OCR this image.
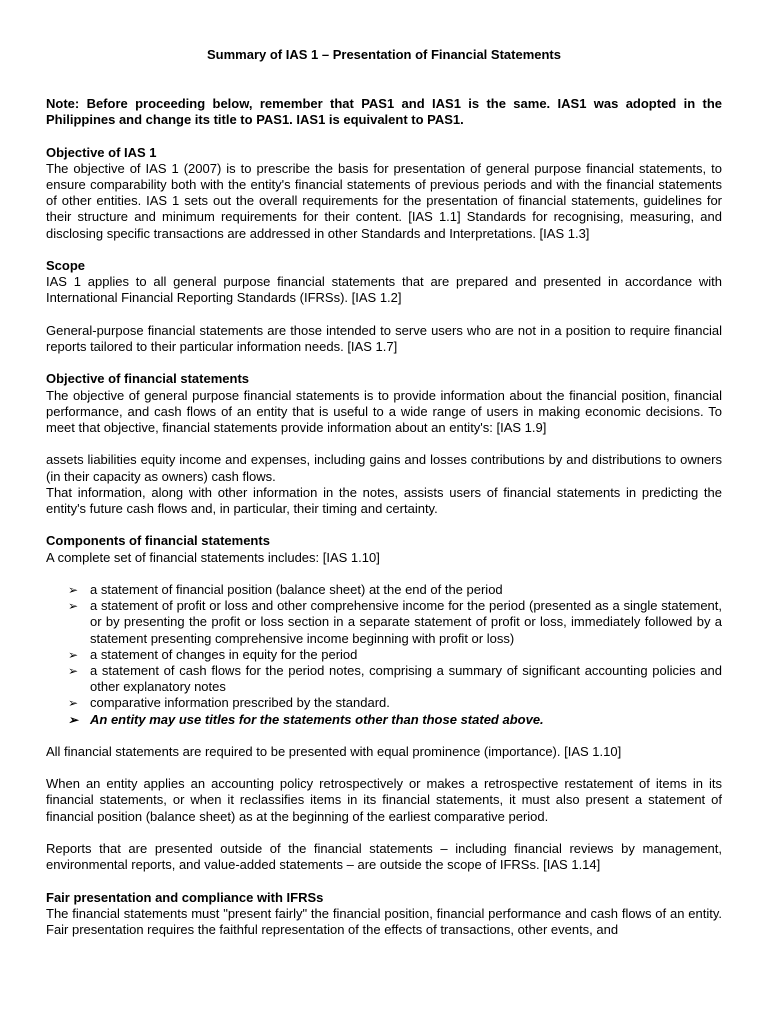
Summary of IAS 1 – Presentation of Financial Statements

Note: Before proceeding below, remember that PAS1 and IAS1 is the same. IAS1 was adopted in the Philippines and change its title to PAS1. IAS1 is equivalent to PAS1.

Objective of IAS 1

The objective of IAS 1 (2007) is to prescribe the basis for presentation of general purpose financial statements, to ensure comparability both with the entity's financial statements of previous periods and with the financial statements of other entities. IAS 1 sets out the overall requirements for the presentation of financial statements, guidelines for their structure and minimum requirements for their content. [IAS 1.1] Standards for recognising, measuring, and disclosing specific transactions are addressed in other Standards and Interpretations. [IAS 1.3]

Scope

IAS 1 applies to all general purpose financial statements that are prepared and presented in accordance with International Financial Reporting Standards (IFRSs). [IAS 1.2]

General-purpose financial statements are those intended to serve users who are not in a position to require financial reports tailored to their particular information needs. [IAS 1.7]

Objective of financial statements

The objective of general purpose financial statements is to provide information about the financial position, financial performance, and cash flows of an entity that is useful to a wide range of users in making economic decisions. To meet that objective, financial statements provide information about an entity's: [IAS 1.9]

assets liabilities equity income and expenses, including gains and losses contributions by and distributions to owners (in their capacity as owners) cash flows.

That information, along with other information in the notes, assists users of financial statements in predicting the entity's future cash flows and, in particular, their timing and certainty.

Components of financial statements

A complete set of financial statements includes: [IAS 1.10]

➢ a statement of financial position (balance sheet) at the end of the period
➢ a statement of profit or loss and other comprehensive income for the period (presented as a single statement, or by presenting the profit or loss section in a separate statement of profit or loss, immediately followed by a statement presenting comprehensive income beginning with profit or loss)
➢ a statement of changes in equity for the period
➢ a statement of cash flows for the period notes, comprising a summary of significant accounting policies and other explanatory notes
➢ comparative information prescribed by the standard.
➢ An entity may use titles for the statements other than those stated above.

All financial statements are required to be presented with equal prominence (importance). [IAS 1.10]

When an entity applies an accounting policy retrospectively or makes a retrospective restatement of items in its financial statements, or when it reclassifies items in its financial statements, it must also present a statement of financial position (balance sheet) as at the beginning of the earliest comparative period.

Reports that are presented outside of the financial statements – including financial reviews by management, environmental reports, and value-added statements – are outside the scope of IFRSs. [IAS 1.14]

Fair presentation and compliance with IFRSs

The financial statements must "present fairly" the financial position, financial performance and cash flows of an entity. Fair presentation requires the faithful representation of the effects of transactions, other events, and
